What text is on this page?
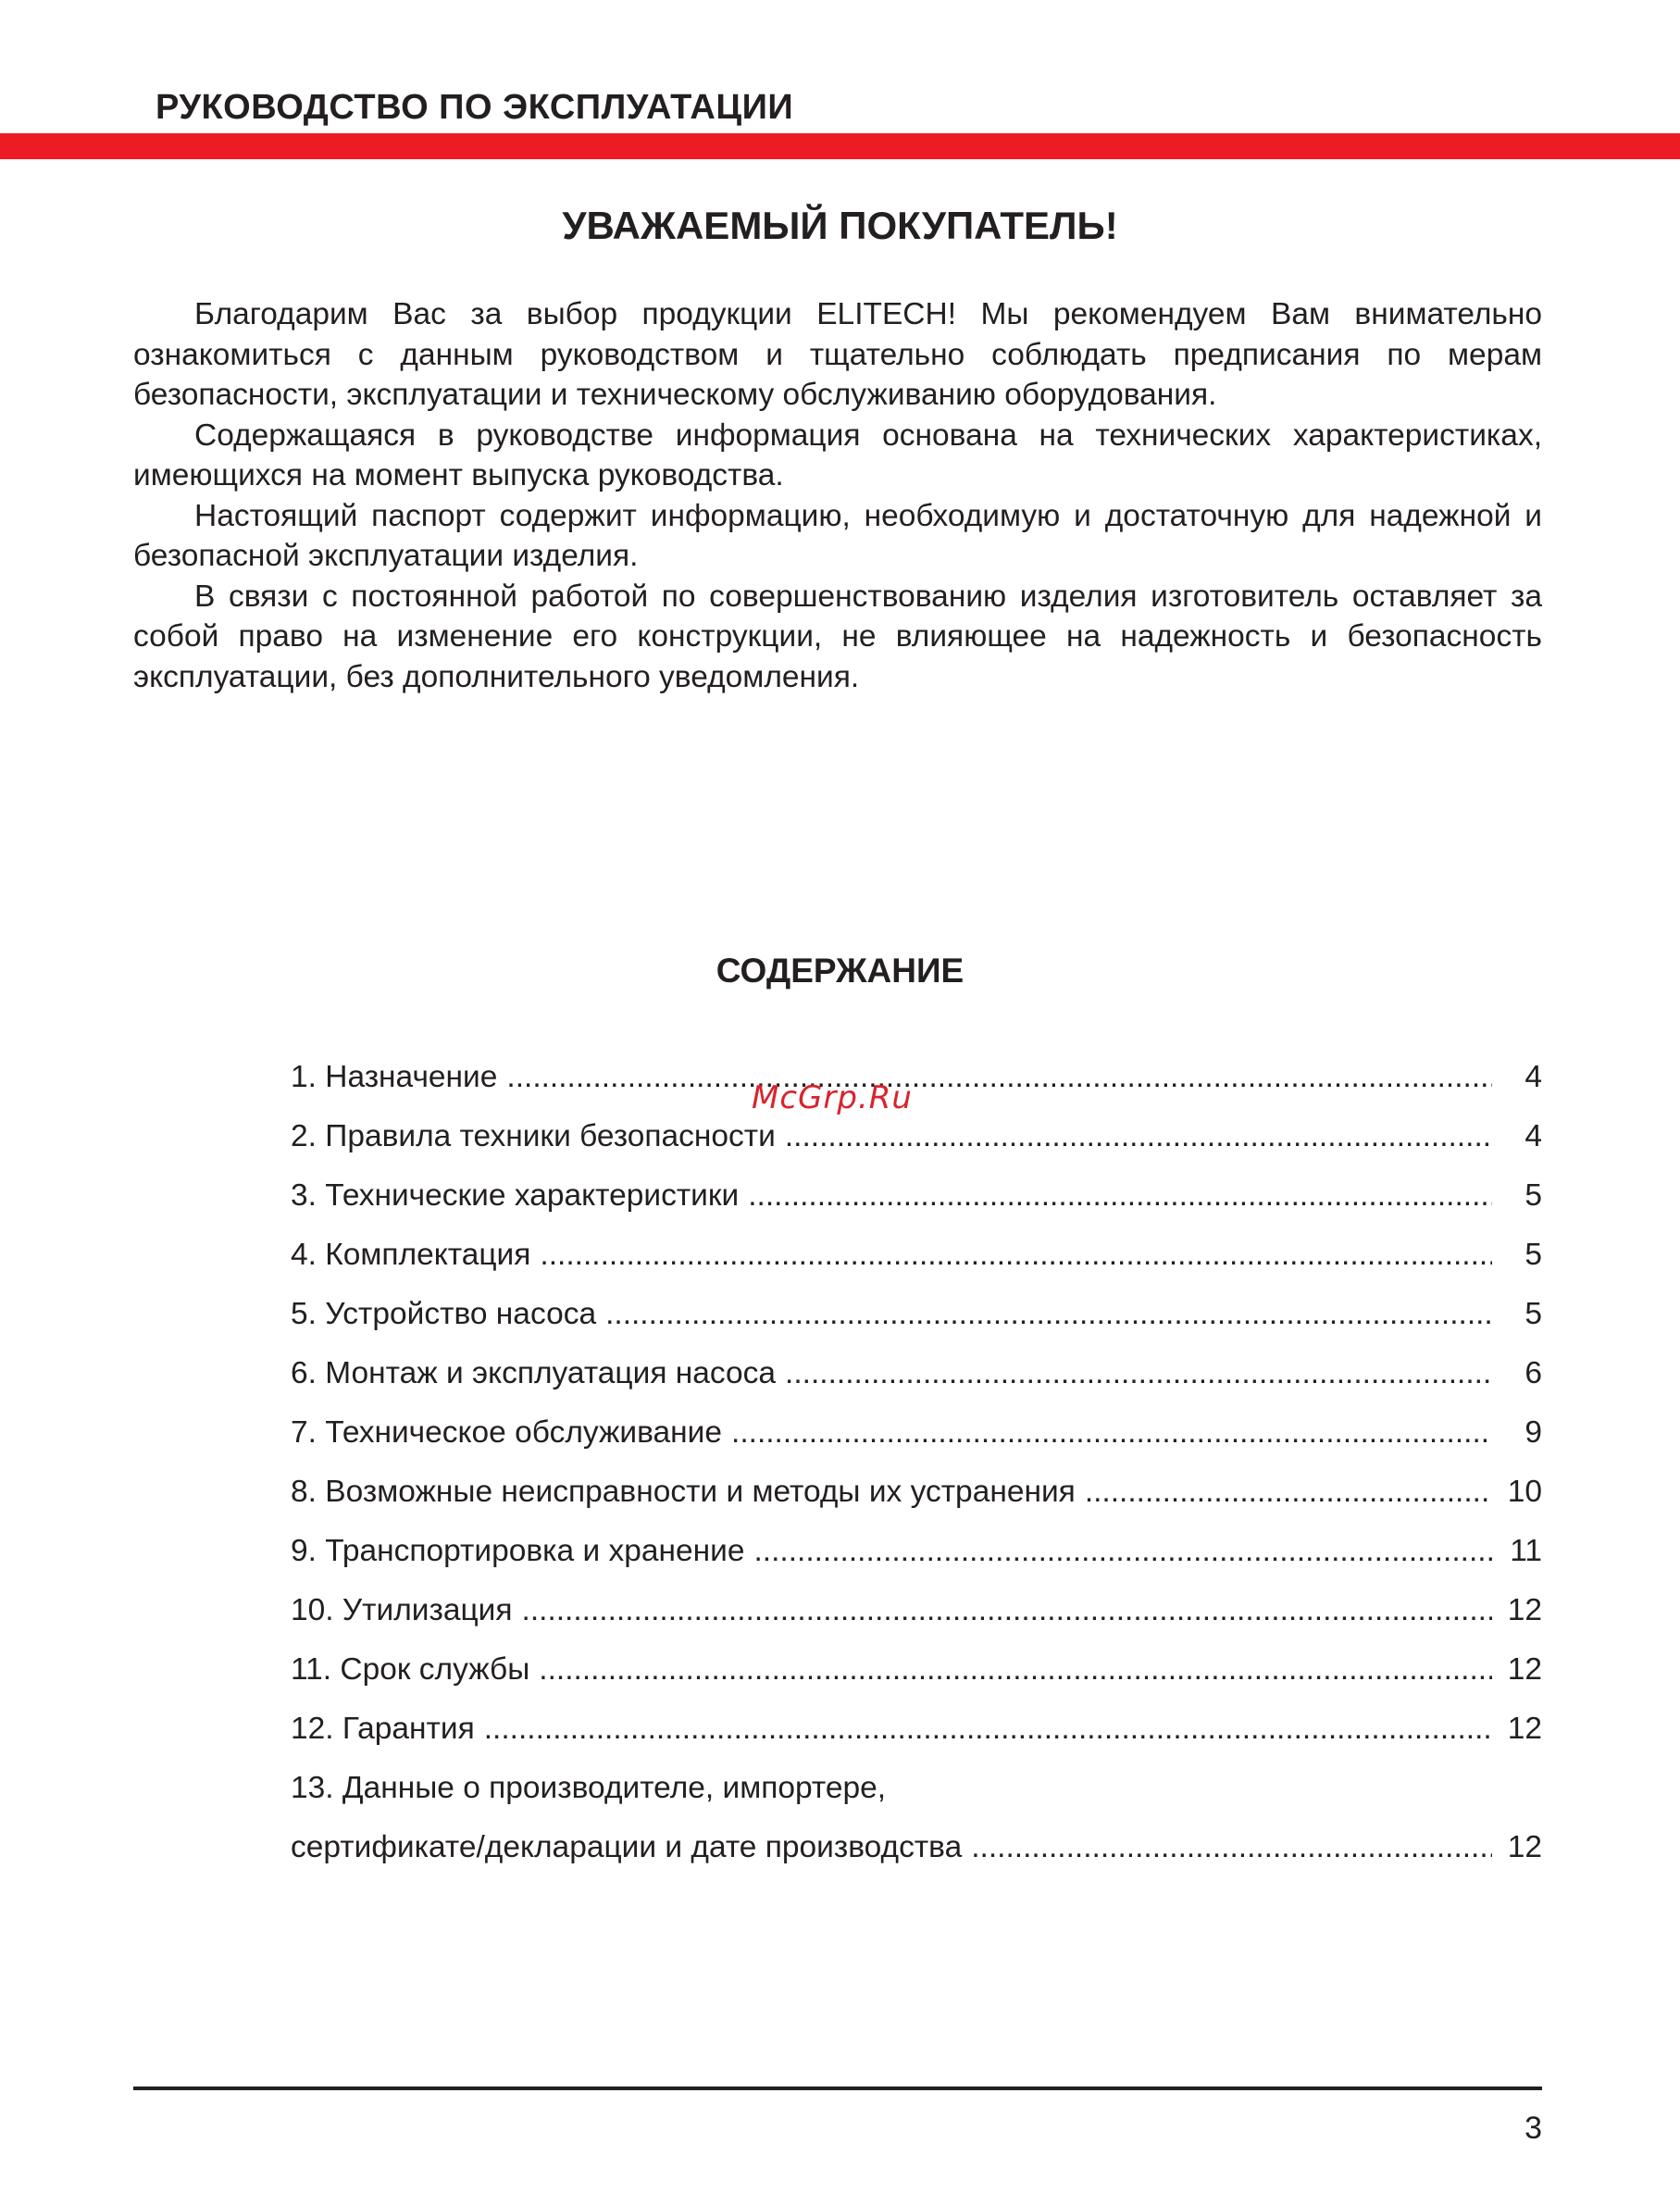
РУКОВОДСТВО ПО ЭКСПЛУАТАЦИИ
УВАЖАЕМЫЙ ПОКУПАТЕЛЬ!

Благодарим Вас за выбор продукции ELITECH! Мы рекомендуем Вам внимательно ознакомиться с данным руководством и тщательно соблюдать предписания по мерам безопасности, эксплуатации и техническому обслуживанию оборудования.

Содержащаяся в руководстве информация основана на технических характеристиках, имеющихся на момент выпуска руководства.

Настоящий паспорт содержит информацию, необходимую и достаточную для надежной и безопасной эксплуатации изделия.

В связи с постоянной работой по совершенствованию изделия изготовитель оставляет за собой право на изменение его конструкции, не влияющее на надежность и безопасность эксплуатации, без дополнительного уведомления.

СОДЕРЖАНИЕ
1. Назначение .....	4
2. Правила техники безопасности .....	4
3. Технические характеристики .....	5
4. Комплектация .....	5
5. Устройство насоса .....	5
6. Монтаж и эксплуатация насоса .....	6
7. Техническое обслуживание .....	9
8. Возможные неисправности и методы их устранения .....	10
9. Транспортировка и хранение .....	11
10. Утилизация .....	12
11. Срок службы .....	12
12. Гарантия .....	12
13. Данные о производителе, импортере,
сертификате/декларации и дате производства .....	12
McGrp.Ru
3
